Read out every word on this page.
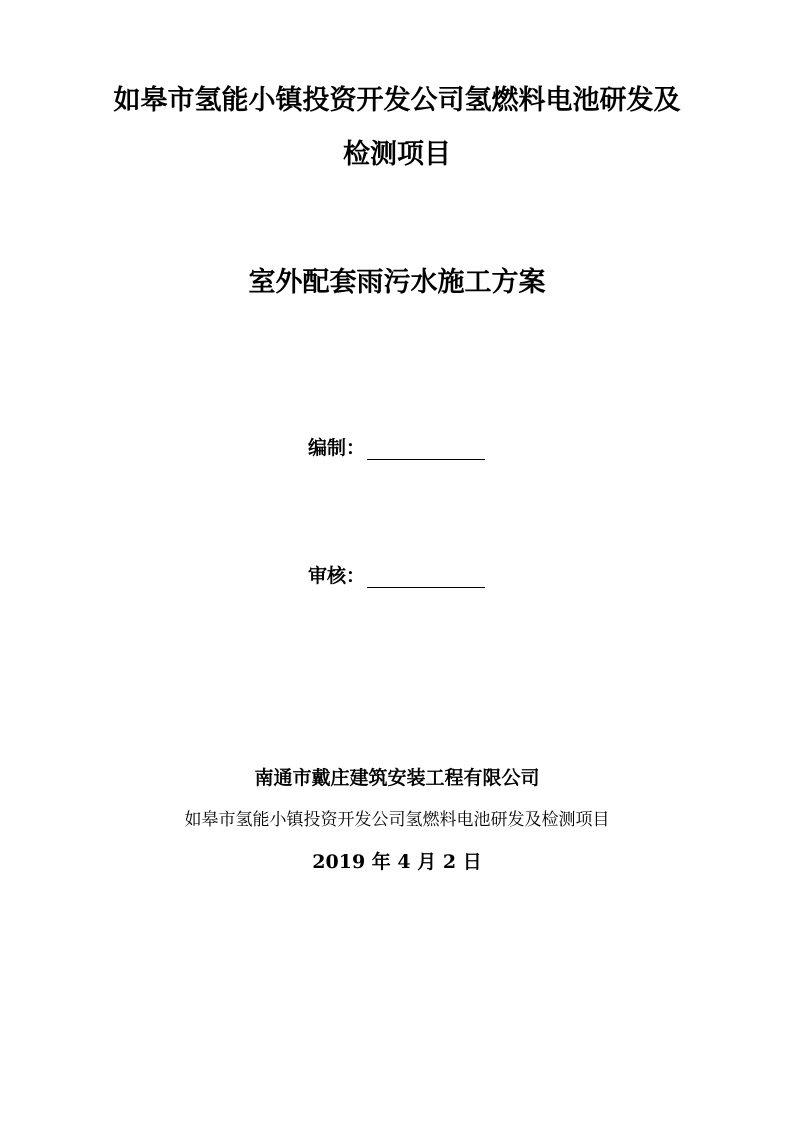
如皋市氢能小镇投资开发公司氢燃料电池研发及
检测项目
室外配套雨污水施工方案
编制：
审核：
南通市戴庄建筑安装工程有限公司
如皋市氢能小镇投资开发公司氢燃料电池研发及检测项目
2019 年 4 月 2 日
